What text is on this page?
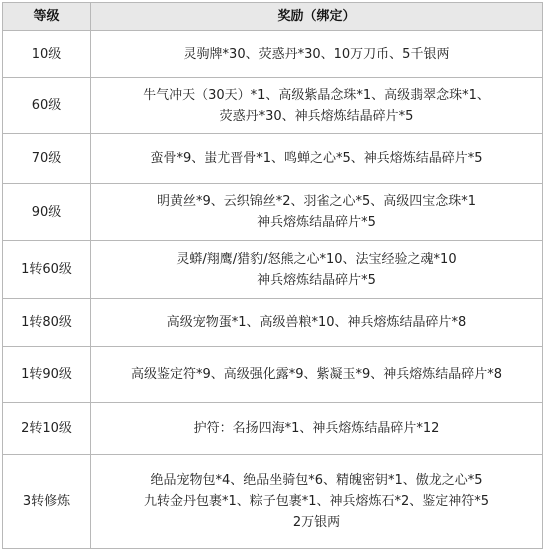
等级	奖励（绑定）
10级	灵驹牌*30、荧惑丹*30、10万刀币、5千银两

60级	牛气冲天（30天）*1、高级紫晶念珠*1、高级翡翠念珠*1、
荧惑丹*30、神兵熔炼结晶碎片*5

70级	蛮骨*9、蚩尤晋骨*1、鸣蝉之心*5、神兵熔炼结晶碎片*5

90级	明黄丝*9、云织锦丝*2、羽雀之心*5、高级四宝念珠*1
神兵熔炼结晶碎片*5

1转60级	灵蟒/翔鹰/猎豹/怒熊之心*10、法宝经验之魂*10
神兵熔炼结晶碎片*5

1转80级	高级宠物蛋*1、高级兽粮*10、神兵熔炼结晶碎片*8

1转90级	高级鉴定符*9、高级强化露*9、紫凝玉*9、神兵熔炼结晶碎片*8

2转10级	护符：名扬四海*1、神兵熔炼结晶碎片*12

3转修炼	绝品宠物包*4、绝品坐骑包*6、精魄密钥*1、傲龙之心*5
九转金丹包裹*1、粽子包裹*1、神兵熔炼石*2、鉴定神符*5
2万银两
